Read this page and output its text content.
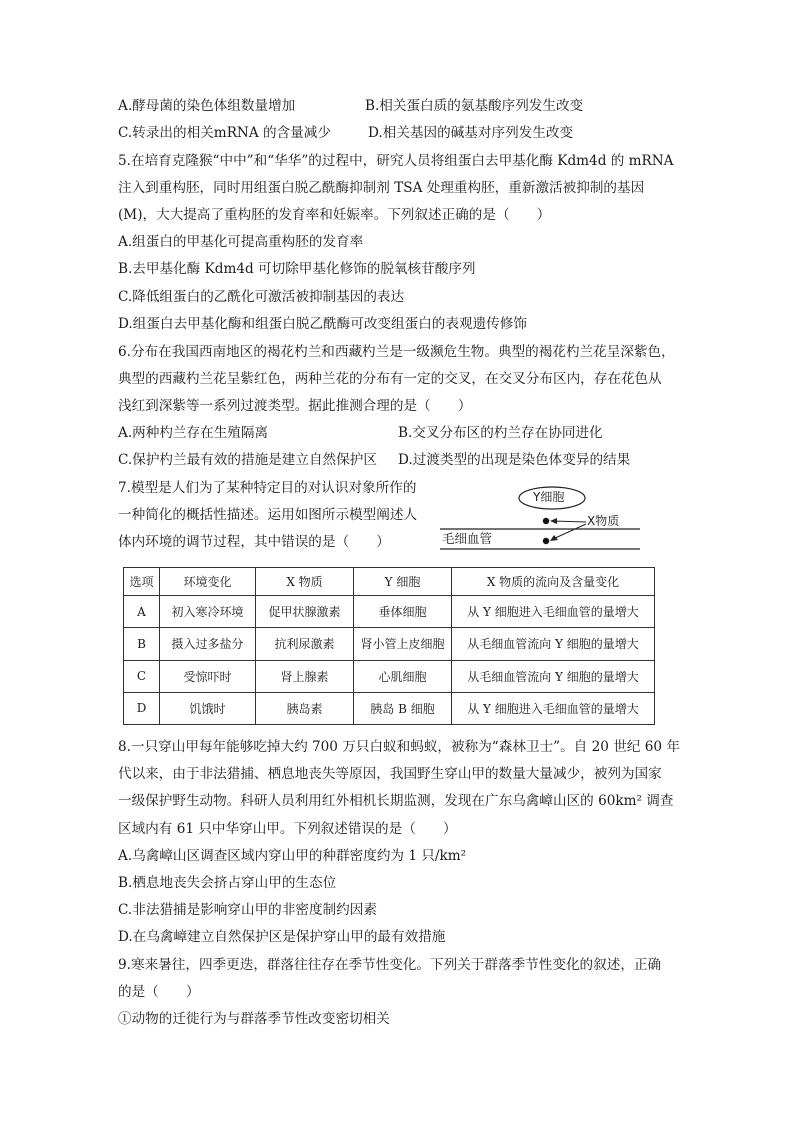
A.酵母菌的染色体组数量增加	B.相关蛋白质的氨基酸序列发生改变
C.转录出的相关mRNA 的含量减少	D.相关基因的碱基对序列发生改变
5.在培育克隆猴“中中”和“华华”的过程中，研究人员将组蛋白去甲基化酶 Kdm4d 的 mRNA
注入到重构胚，同时用组蛋白脱乙酰酶抑制剂 TSA 处理重构胚，重新激活被抑制的基因
(M)，大大提高了重构胚的发育率和妊娠率。下列叙述正确的是（　　）
A.组蛋白的甲基化可提高重构胚的发育率
B.去甲基化酶 Kdm4d 可切除甲基化修饰的脱氧核苷酸序列
C.降低组蛋白的乙酰化可激活被抑制基因的表达
D.组蛋白去甲基化酶和组蛋白脱乙酰酶可改变组蛋白的表观遗传修饰
6.分布在我国西南地区的褐花杓兰和西藏杓兰是一级濒危生物。典型的褐花杓兰花呈深紫色，
典型的西藏杓兰花呈紫红色，两种兰花的分布有一定的交叉，在交叉分布区内，存在花色从
浅红到深紫等一系列过渡类型。据此推测合理的是（　　）
A.两种杓兰存在生殖隔离	B.交叉分布区的杓兰存在协同进化
C.保护杓兰最有效的措施是建立自然保护区 D.过渡类型的出现是染色体变异的结果
7.模型是人们为了某种特定目的对认识对象所作的
一种简化的概括性描述。运用如图所示模型阐述人
体内环境的调节过程，其中错误的是（　　）
Y细胞
X物质
毛细血管
选项	环境变化	X 物质	Y 细胞	X 物质的流向及含量变化
A	初入寒冷环境	促甲状腺激素	垂体细胞	从 Y 细胞进入毛细血管的量增大
B	摄入过多盐分	抗利尿激素	肾小管上皮细胞	从毛细血管流向 Y 细胞的量增大
C	受惊吓时	肾上腺素	心肌细胞	从毛细血管流向 Y 细胞的量增大
D	饥饿时	胰岛素	胰岛 B 细胞	从 Y 细胞进入毛细血管的量增大
8.一只穿山甲每年能够吃掉大约 700 万只白蚁和蚂蚁，被称为“森林卫士”。自 20 世纪 60 年
代以来，由于非法猎捕、栖息地丧失等原因，我国野生穿山甲的数量大量减少，被列为国家
一级保护野生动物。科研人员利用红外相机长期监测，发现在广东乌禽嶂山区的 60km² 调查
区域内有 61 只中华穿山甲。下列叙述错误的是（　　）
A.乌禽嶂山区调查区域内穿山甲的种群密度约为 1 只/km²
B.栖息地丧失会挤占穿山甲的生态位
C.非法猎捕是影响穿山甲的非密度制约因素
D.在乌禽嶂建立自然保护区是保护穿山甲的最有效措施
9.寒来暑往，四季更迭，群落往往存在季节性变化。下列关于群落季节性变化的叙述，正确
的是（　　）
①动物的迁徙行为与群落季节性改变密切相关
